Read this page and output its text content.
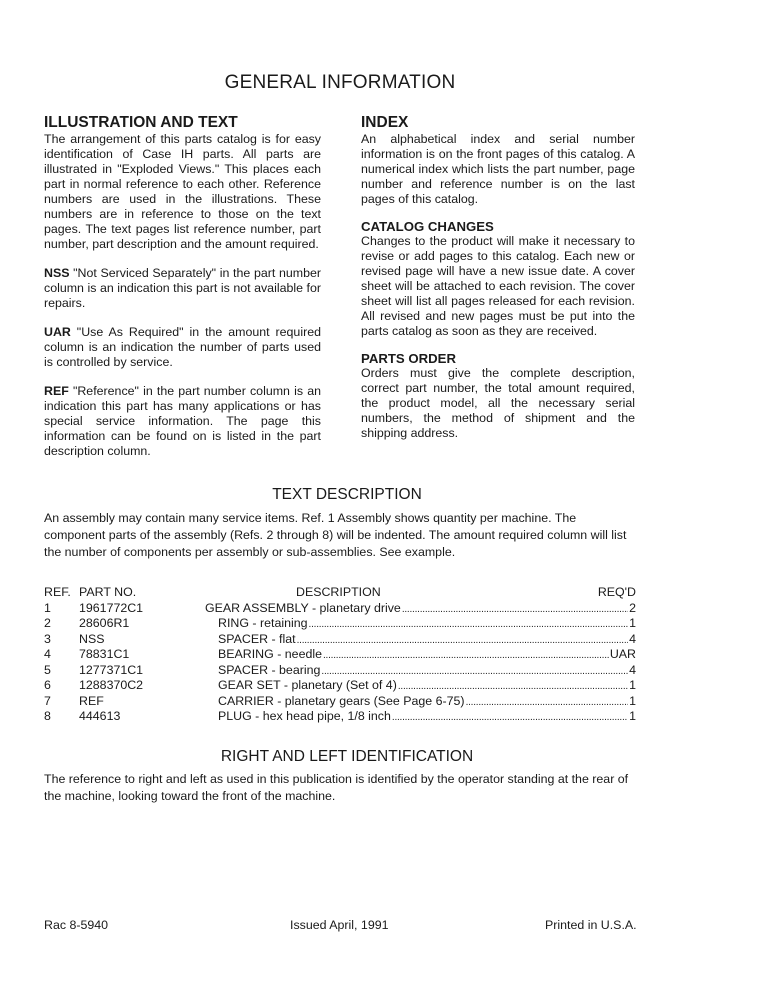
GENERAL INFORMATION
ILLUSTRATION AND TEXT

The arrangement of this parts catalog is for easy identification of Case IH parts. All parts are illustrated in "Exploded Views." This places each part in normal reference to each other. Reference numbers are used in the illustrations. These numbers are in reference to those on the text pages. The text pages list reference number, part number, part description and the amount required.

NSS "Not Serviced Separately" in the part number column is an indication this part is not available for repairs.

UAR "Use As Required" in the amount required column is an indication the number of parts used is controlled by service.

REF "Reference" in the part number column is an indication this part has many applications or has special service information. The page this information can be found on is listed in the part description column.

INDEX

An alphabetical index and serial number information is on the front pages of this catalog. A numerical index which lists the part number, page number and reference number is on the last pages of this catalog.

CATALOG CHANGES

Changes to the product will make it necessary to revise or add pages to this catalog. Each new or revised page will have a new issue date. A cover sheet will be attached to each revision. The cover sheet will list all pages released for each revision. All revised and new pages must be put into the parts catalog as soon as they are received.

PARTS ORDER

Orders must give the complete description, correct part number, the total amount required, the product model, all the necessary serial numbers, the method of shipment and the shipping address.

TEXT DESCRIPTION

An assembly may contain many service items. Ref. 1 Assembly shows quantity per machine. The component parts of the assembly (Refs. 2 through 8) will be indented. The amount required column will list the number of components per assembly or sub-assemblies. See example.

REF. PART NO.	DESCRIPTION	REQ'D
1 1961772C1	GEAR ASSEMBLY - planetary drive . . .	2
2 28606R1	RING - retaining . . .	1
3 NSS	SPACER - flat . . .	4
4 78831C1	BEARING - needle . . .	UAR
5 1277371C1	SPACER - bearing . . .	4
6 1288370C2	GEAR SET - planetary (Set of 4) . . .	1
7 REF	CARRIER - planetary gears (See Page 6-75) . . .	1
8 444613	PLUG - hex head pipe, 1/8 inch . . .	1
RIGHT AND LEFT IDENTIFICATION

The reference to right and left as used in this publication is identified by the operator standing at the rear of the machine, looking toward the front of the machine.

Rac 8-5940	Issued April, 1991	Printed in U.S.A.
